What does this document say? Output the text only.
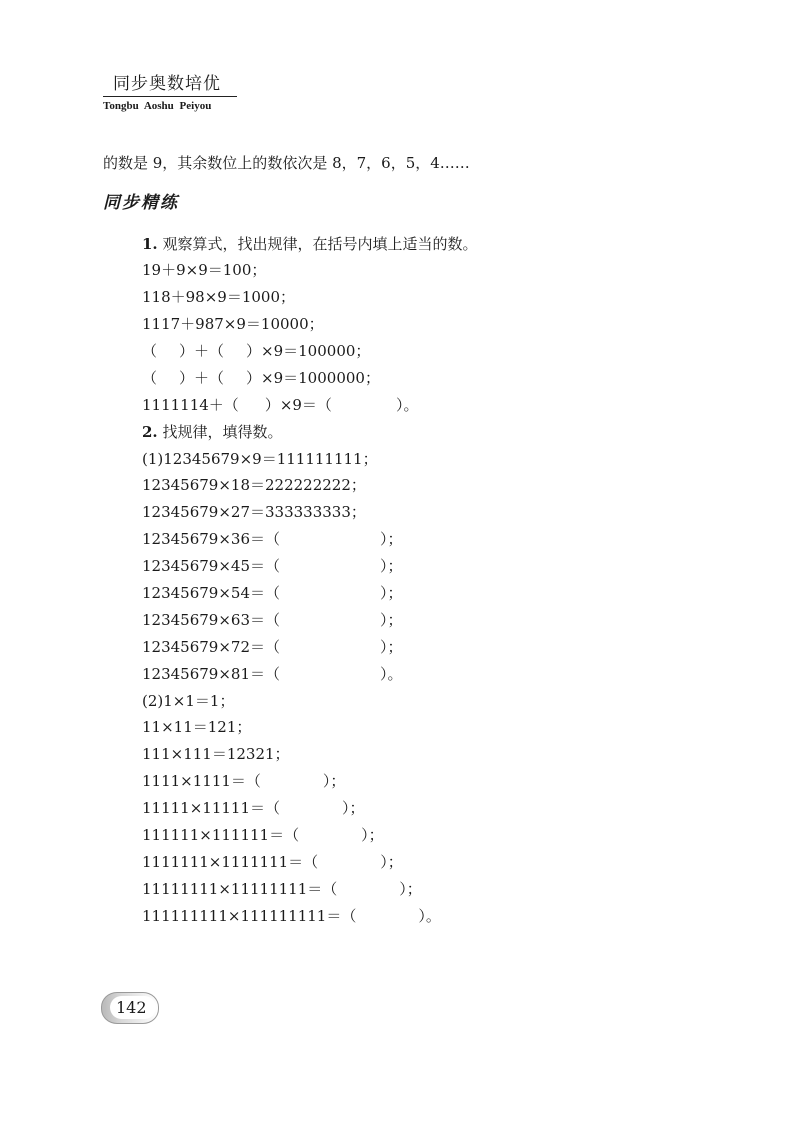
同步奥数培优
Tongbu Aoshu Peiyou
的数是 9，其余数位上的数依次是 8，7，6，5，4……
同步精练
1. 观察算式，找出规律，在括号内填上适当的数。
19＋9×9＝100；
118＋98×9＝1000；
1117＋987×9＝10000；
（ ）＋（ ）×9＝100000；
（ ）＋（ ）×9＝1000000；
1111114＋（ ）×9＝（	）。
2. 找规律，填得数。
(1)12345679×9＝111111111；
12345679×18＝222222222；
12345679×27＝333333333；
12345679×36＝（	）；
12345679×45＝（	）；
12345679×54＝（	）；
12345679×63＝（	）；
12345679×72＝（	）；
12345679×81＝（	）。
(2)1×1＝1；
11×11＝121；
111×111＝12321；
1111×1111＝（	）；
11111×11111＝（	）；
111111×111111＝（	）；
1111111×1111111＝（	）；
11111111×11111111＝（	）；
111111111×111111111＝（	）。
142
